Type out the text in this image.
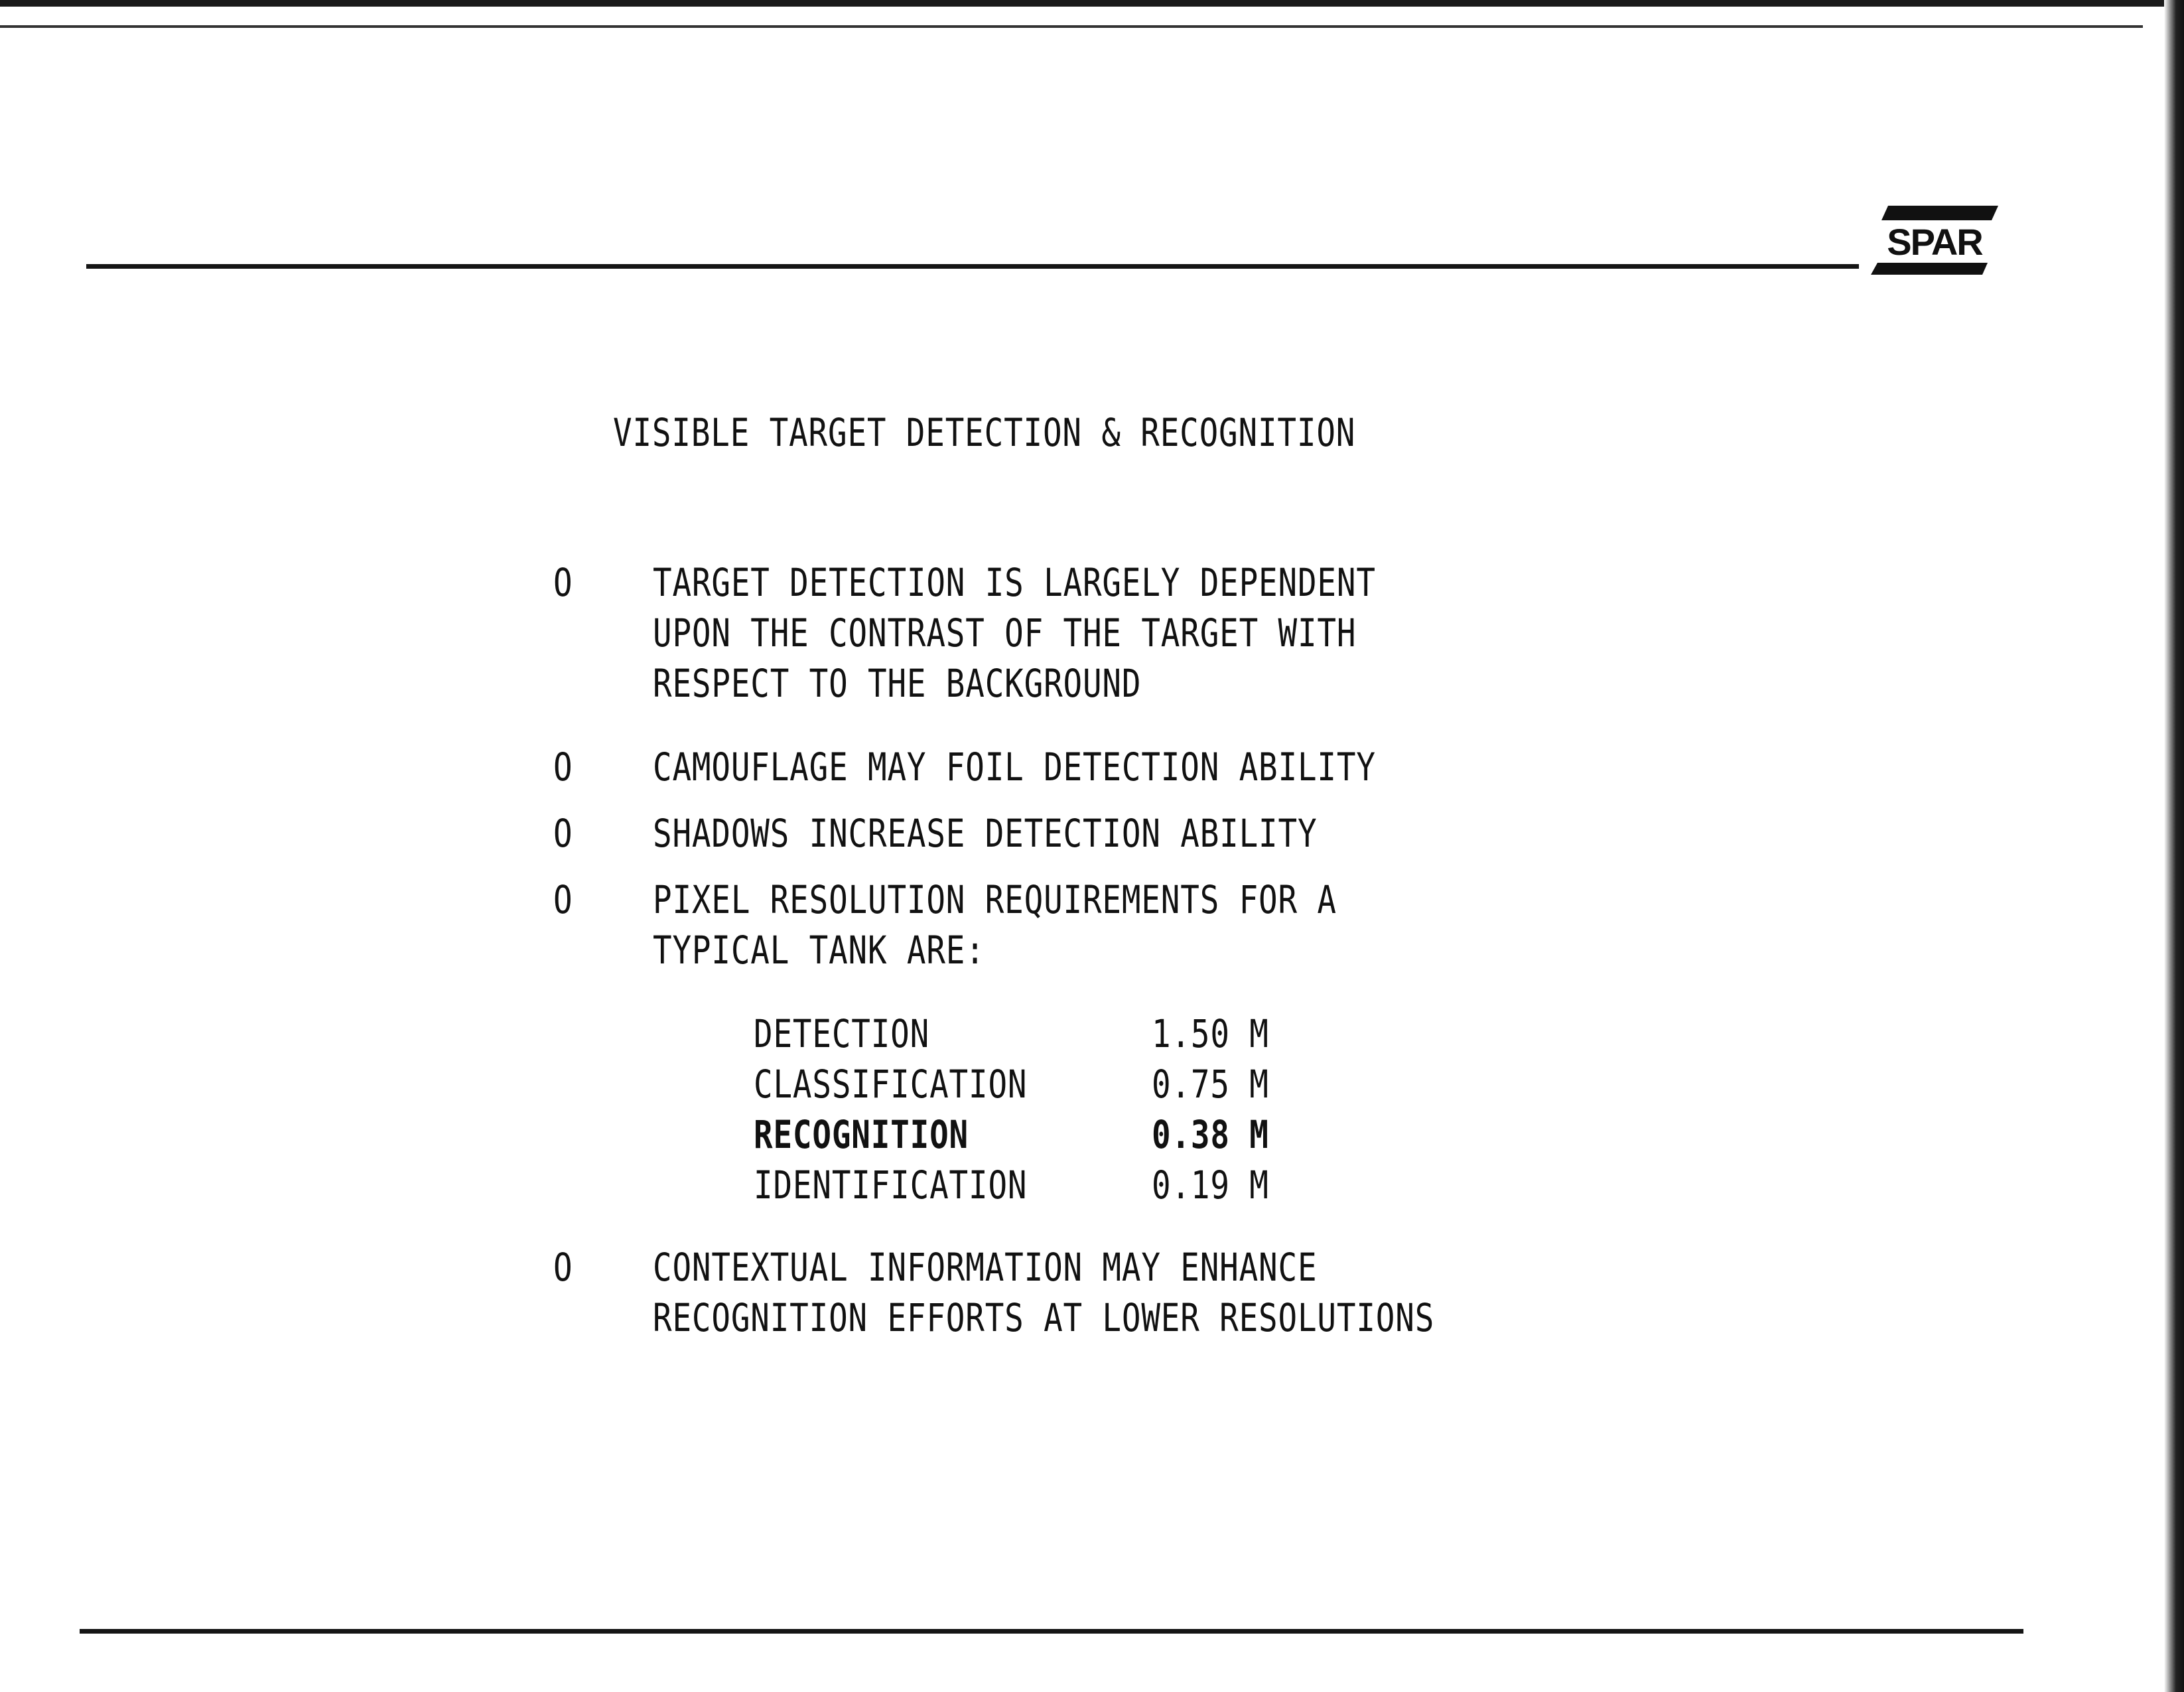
SPAR
VISIBLE TARGET DETECTION & RECOGNITION
O TARGET DETECTION IS LARGELY DEPENDENT
UPON THE CONTRAST OF THE TARGET WITH
RESPECT TO THE BACKGROUND
O CAMOUFLAGE MAY FOIL DETECTION ABILITY
O SHADOWS INCREASE DETECTION ABILITY
O PIXEL RESOLUTION REQUIREMENTS FOR A
TYPICAL TANK ARE:
DETECTION	1.50 M
CLASSIFICATION	0.75 M
RECOGNITION	0.38 M
IDENTIFICATION	0.19 M
O CONTEXTUAL INFORMATION MAY ENHANCE
RECOGNITION EFFORTS AT LOWER RESOLUTIONS
